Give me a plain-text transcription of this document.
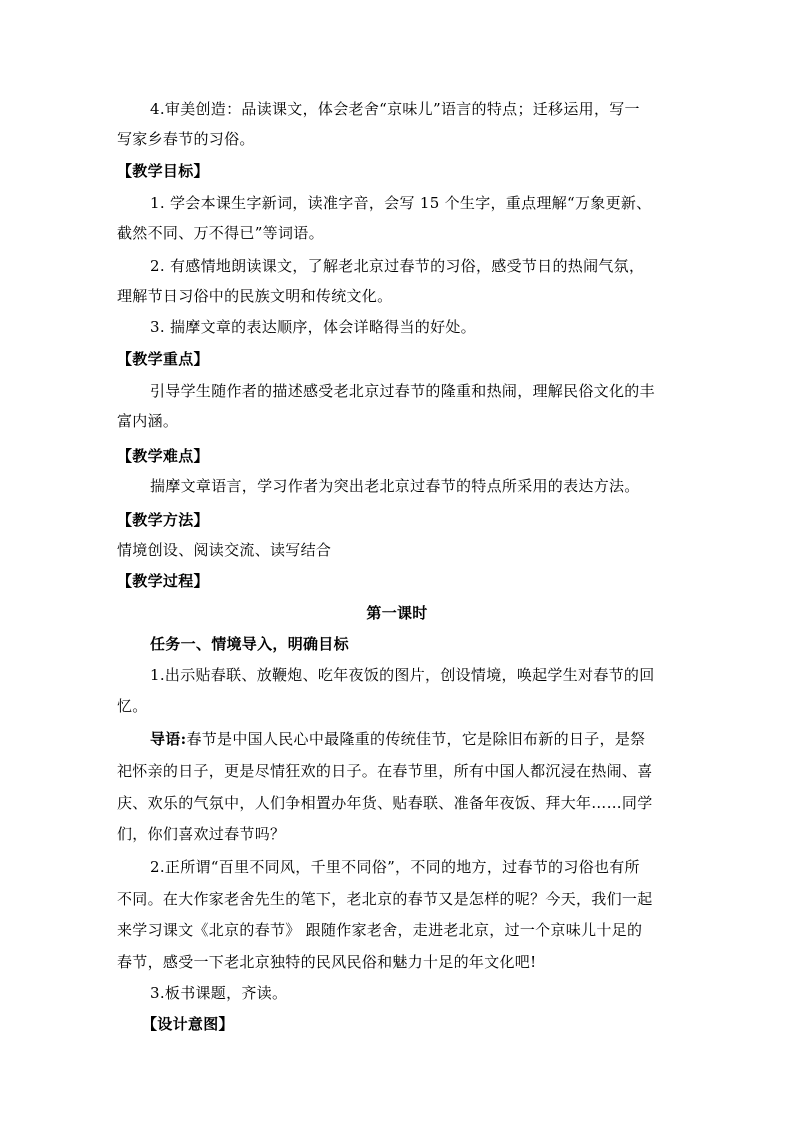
4.审美创造：品读课文，体会老舍“京味儿”语言的特点；迁移运用，写一
写家乡春节的习俗。
【教学目标】
1. 学会本课生字新词，读准字音，会写 15 个生字，重点理解“万象更新、
截然不同、万不得已”等词语。
2. 有感情地朗读课文，了解老北京过春节的习俗，感受节日的热闹气氛，
理解节日习俗中的民族文明和传统文化。
3. 揣摩文章的表达顺序，体会详略得当的好处。
【教学重点】
引导学生随作者的描述感受老北京过春节的隆重和热闹，理解民俗文化的丰
富内涵。
【教学难点】
揣摩文章语言，学习作者为突出老北京过春节的特点所采用的表达方法。
【教学方法】
情境创设、阅读交流、读写结合
【教学过程】
第一课时
任务一、情境导入，明确目标
1.出示贴春联、放鞭炮、吃年夜饭的图片，创设情境，唤起学生对春节的回
忆。
导语:春节是中国人民心中最隆重的传统佳节，它是除旧布新的日子，是祭
祀怀亲的日子，更是尽情狂欢的日子。在春节里，所有中国人都沉浸在热闹、喜
庆、欢乐的气氛中，人们争相置办年货、贴春联、准备年夜饭、拜大年……同学
们，你们喜欢过春节吗？
2.正所谓“百里不同风，千里不同俗”，不同的地方，过春节的习俗也有所
不同。在大作家老舍先生的笔下，老北京的春节又是怎样的呢？今天，我们一起
来学习课文《北京的春节》 跟随作家老舍，走进老北京，过一个京味儿十足的
春节，感受一下老北京独特的民风民俗和魅力十足的年文化吧!
3.板书课题，齐读。
【设计意图】
